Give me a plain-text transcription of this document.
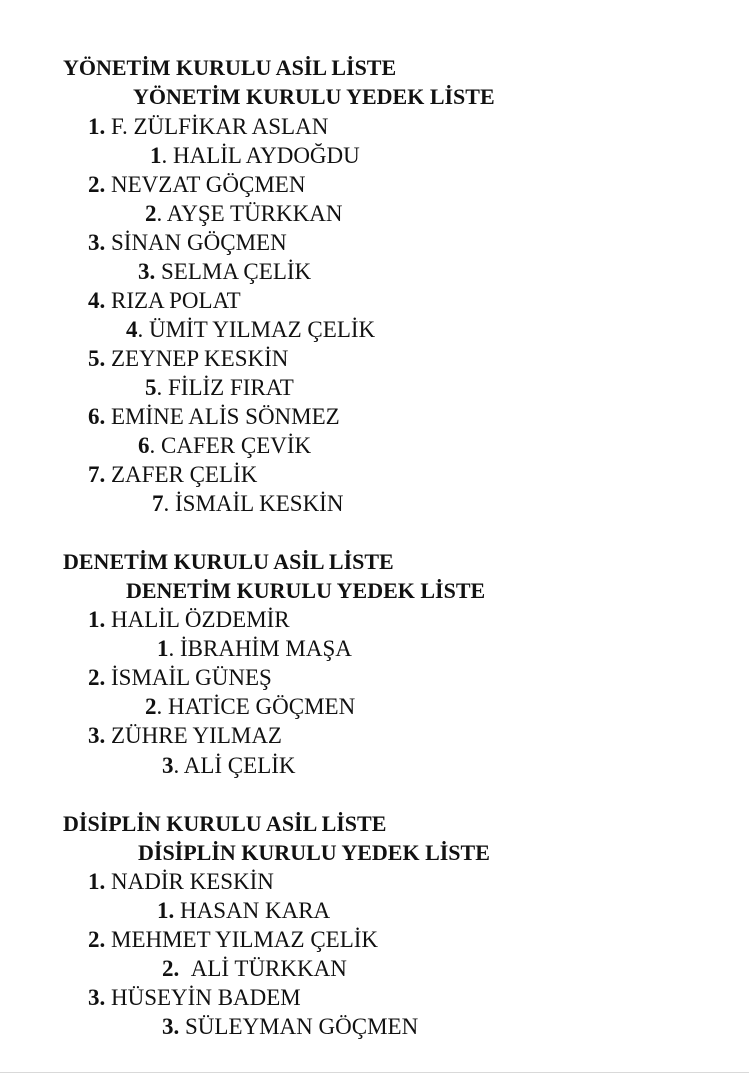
YÖNETİM KURULU ASİL LİSTE
YÖNETİM KURULU YEDEK LİSTE
1. F. ZÜLFİKAR ASLAN
1. HALİL AYDOĞDU
2. NEVZAT GÖÇMEN
2. AYŞE TÜRKKAN
3. SİNAN GÖÇMEN
3. SELMA ÇELİK
4. RIZA POLAT
4. ÜMİT YILMAZ ÇELİK
5. ZEYNEP KESKİN
5. FİLİZ FIRAT
6. EMİNE ALİS SÖNMEZ
6. CAFER ÇEVİK
7. ZAFER ÇELİK
7. İSMAİL KESKİN
DENETİM KURULU ASİL LİSTE
DENETİM KURULU YEDEK LİSTE
1. HALİL ÖZDEMİR
1. İBRAHİM MAŞA
2. İSMAİL GÜNEŞ
2. HATİCE GÖÇMEN
3. ZÜHRE YILMAZ
3. ALİ ÇELİK
DİSİPLİN KURULU ASİL LİSTE
DİSİPLİN KURULU YEDEK LİSTE
1. NADİR KESKİN
1. HASAN KARA
2. MEHMET YILMAZ ÇELİK
2. ALİ TÜRKKAN
3. HÜSEYİN BADEM
3. SÜLEYMAN GÖÇMEN
